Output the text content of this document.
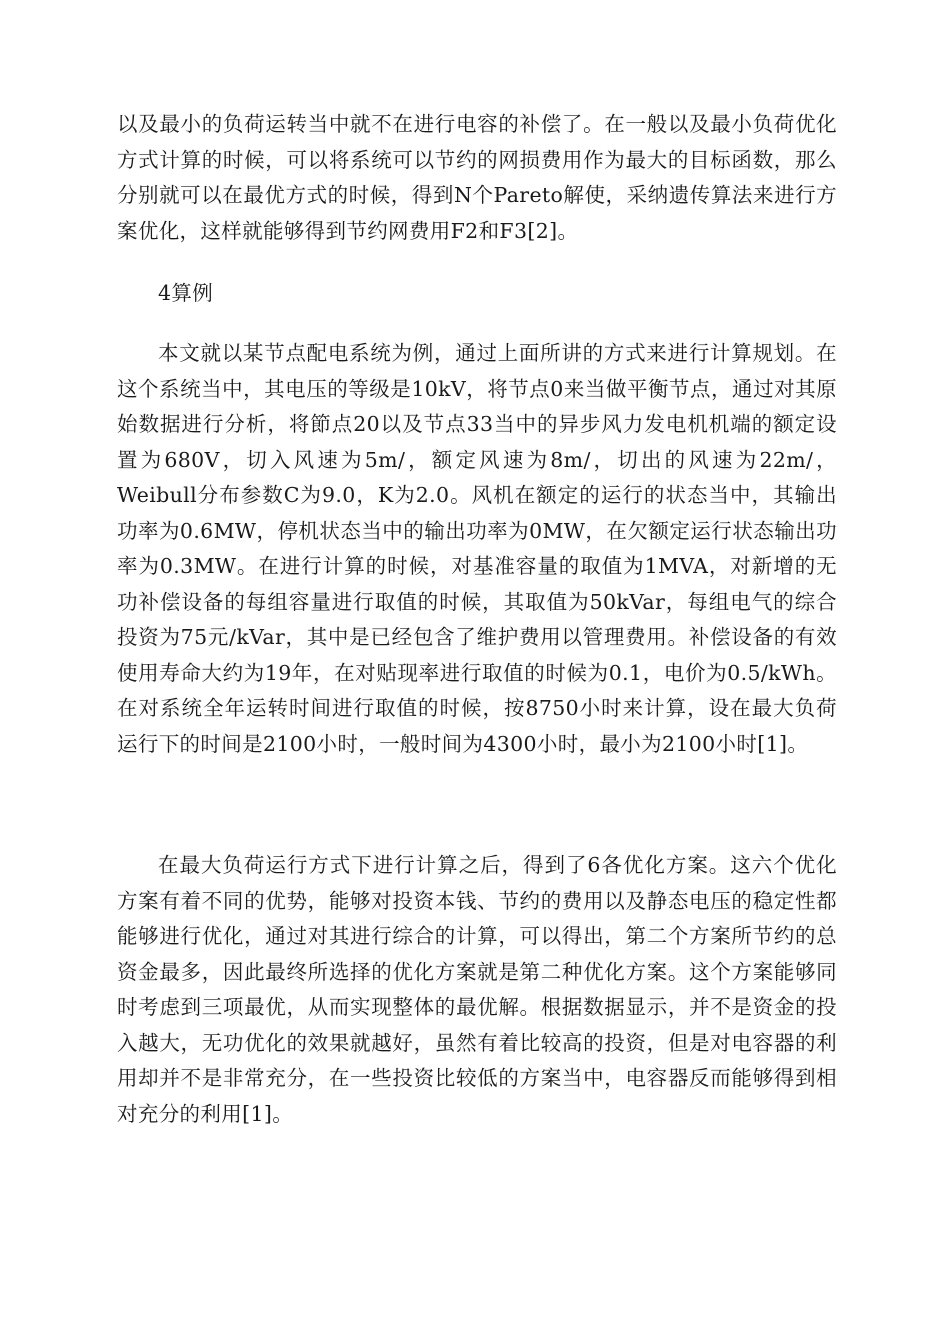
以及最小的负荷运转当中就不在进行电容的补偿了。在一般以及最小负荷优化方式计算的时候，可以将系统可以节约的网损费用作为最大的目标函数，那么分别就可以在最优方式的时候，得到N个Pareto解使，采纳遗传算法来进行方案优化，这样就能够得到节约网费用F2和F3[2]。

4算例

本文就以某节点配电系统为例，通过上面所讲的方式来进行计算规划。在这个系统当中，其电压的等级是10kV，将节点0来当做平衡节点，通过对其原始数据进行分析，将節点20以及节点33当中的异步风力发电机机端的额定设置为680V，切入风速为5m/，额定风速为8m/，切出的风速为22m/，Weibull分布参数C为9.0，K为2.0。风机在额定的运行的状态当中，其输出功率为0.6MW，停机状态当中的输出功率为0MW，在欠额定运行状态输出功率为0.3MW。在进行计算的时候，对基准容量的取值为1MVA，对新增的无功补偿设备的每组容量进行取值的时候，其取值为50kVar，每组电气的综合投资为75元/kVar，其中是已经包含了维护费用以管理费用。补偿设备的有效使用寿命大约为19年，在对贴现率进行取值的时候为0.1，电价为0.5/kWh。在对系统全年运转时间进行取值的时候，按8750小时来计算，设在最大负荷运行下的时间是2100小时，一般时间为4300小时，最小为2100小时[1]。

在最大负荷运行方式下进行计算之后，得到了6各优化方案。这六个优化方案有着不同的优势，能够对投资本钱、节约的费用以及静态电压的稳定性都能够进行优化，通过对其进行综合的计算，可以得出，第二个方案所节约的总资金最多，因此最终所选择的优化方案就是第二种优化方案。这个方案能够同时考虑到三项最优，从而实现整体的最优解。根据数据显示，并不是资金的投入越大，无功优化的效果就越好，虽然有着比较高的投资，但是对电容器的利用却并不是非常充分，在一些投资比较低的方案当中，电容器反而能够得到相对充分的利用[1]。
